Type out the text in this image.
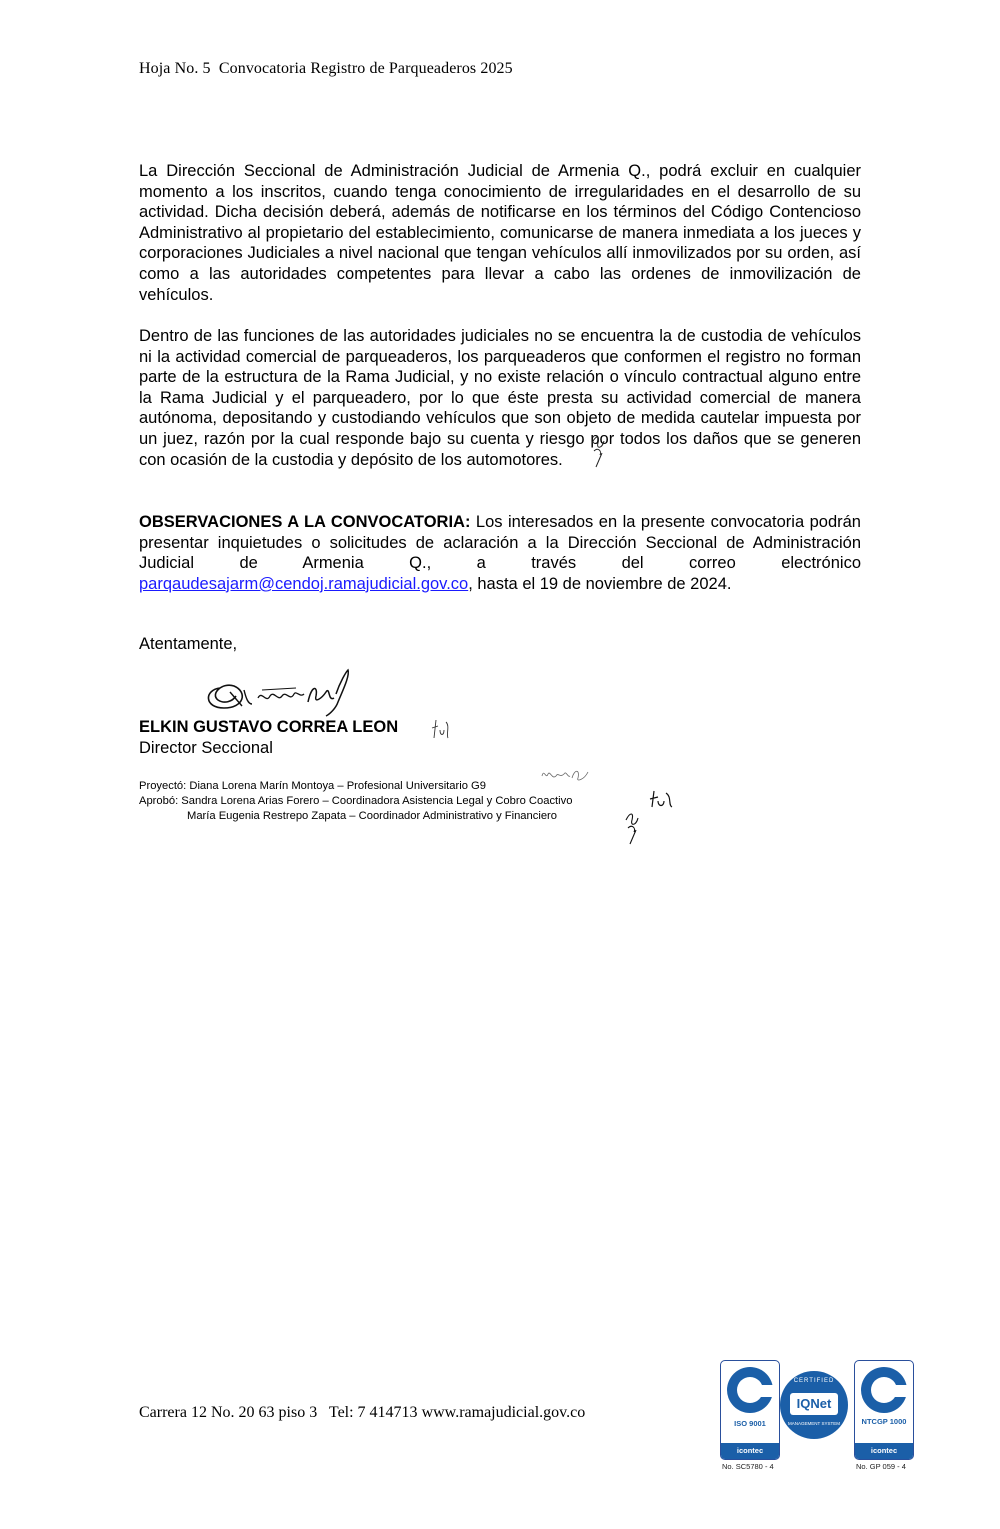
Hoja No. 5 Convocatoria Registro de Parqueaderos 2025

La Dirección Seccional de Administración Judicial de Armenia Q., podrá excluir en cualquier momento a los inscritos, cuando tenga conocimiento de irregularidades en el desarrollo de su actividad. Dicha decisión deberá, además de notificarse en los términos del Código Contencioso Administrativo al propietario del establecimiento, comunicarse de manera inmediata a los jueces y corporaciones Judiciales a nivel nacional que tengan vehículos allí inmovilizados por su orden, así como a las autoridades competentes para llevar a cabo las ordenes de inmovilización de vehículos.

Dentro de las funciones de las autoridades judiciales no se encuentra la de custodia de vehículos ni la actividad comercial de parqueaderos, los parqueaderos que conformen el registro no forman parte de la estructura de la Rama Judicial, y no existe relación o vínculo contractual alguno entre la Rama Judicial y el parqueadero, por lo que éste presta su actividad comercial de manera autónoma, depositando y custodiando vehículos que son objeto de medida cautelar impuesta por un juez, razón por la cual responde bajo su cuenta y riesgo por todos los daños que se generen con ocasión de la custodia y depósito de los automotores.

OBSERVACIONES A LA CONVOCATORIA: Los interesados en la presente convocatoria podrán presentar inquietudes o solicitudes de aclaración a la Dirección Seccional de Administración Judicial de Armenia Q., a través del correo electrónico parqaudesajarm@cendoj.ramajudicial.gov.co, hasta el 19 de noviembre de 2024.

Atentamente,
ELKIN GUSTAVO CORREA LEON
Director Seccional
Proyectó: Diana Lorena Marín Montoya – Profesional Universitario G9
Aprobó: Sandra Lorena Arias Forero – Coordinadora Asistencia Legal y Cobro Coactivo
María Eugenia Restrepo Zapata – Coordinador Administrativo y Financiero
Carrera 12 No. 20 63 piso 3 Tel: 7 414713 www.ramajudicial.gov.co
ISO 9001
icontec
No. SC5780 - 4
CERTIFIED
IQNet
MANAGEMENT SYSTEM	NTCGP 1000
icontec
No. GP 059 - 4
